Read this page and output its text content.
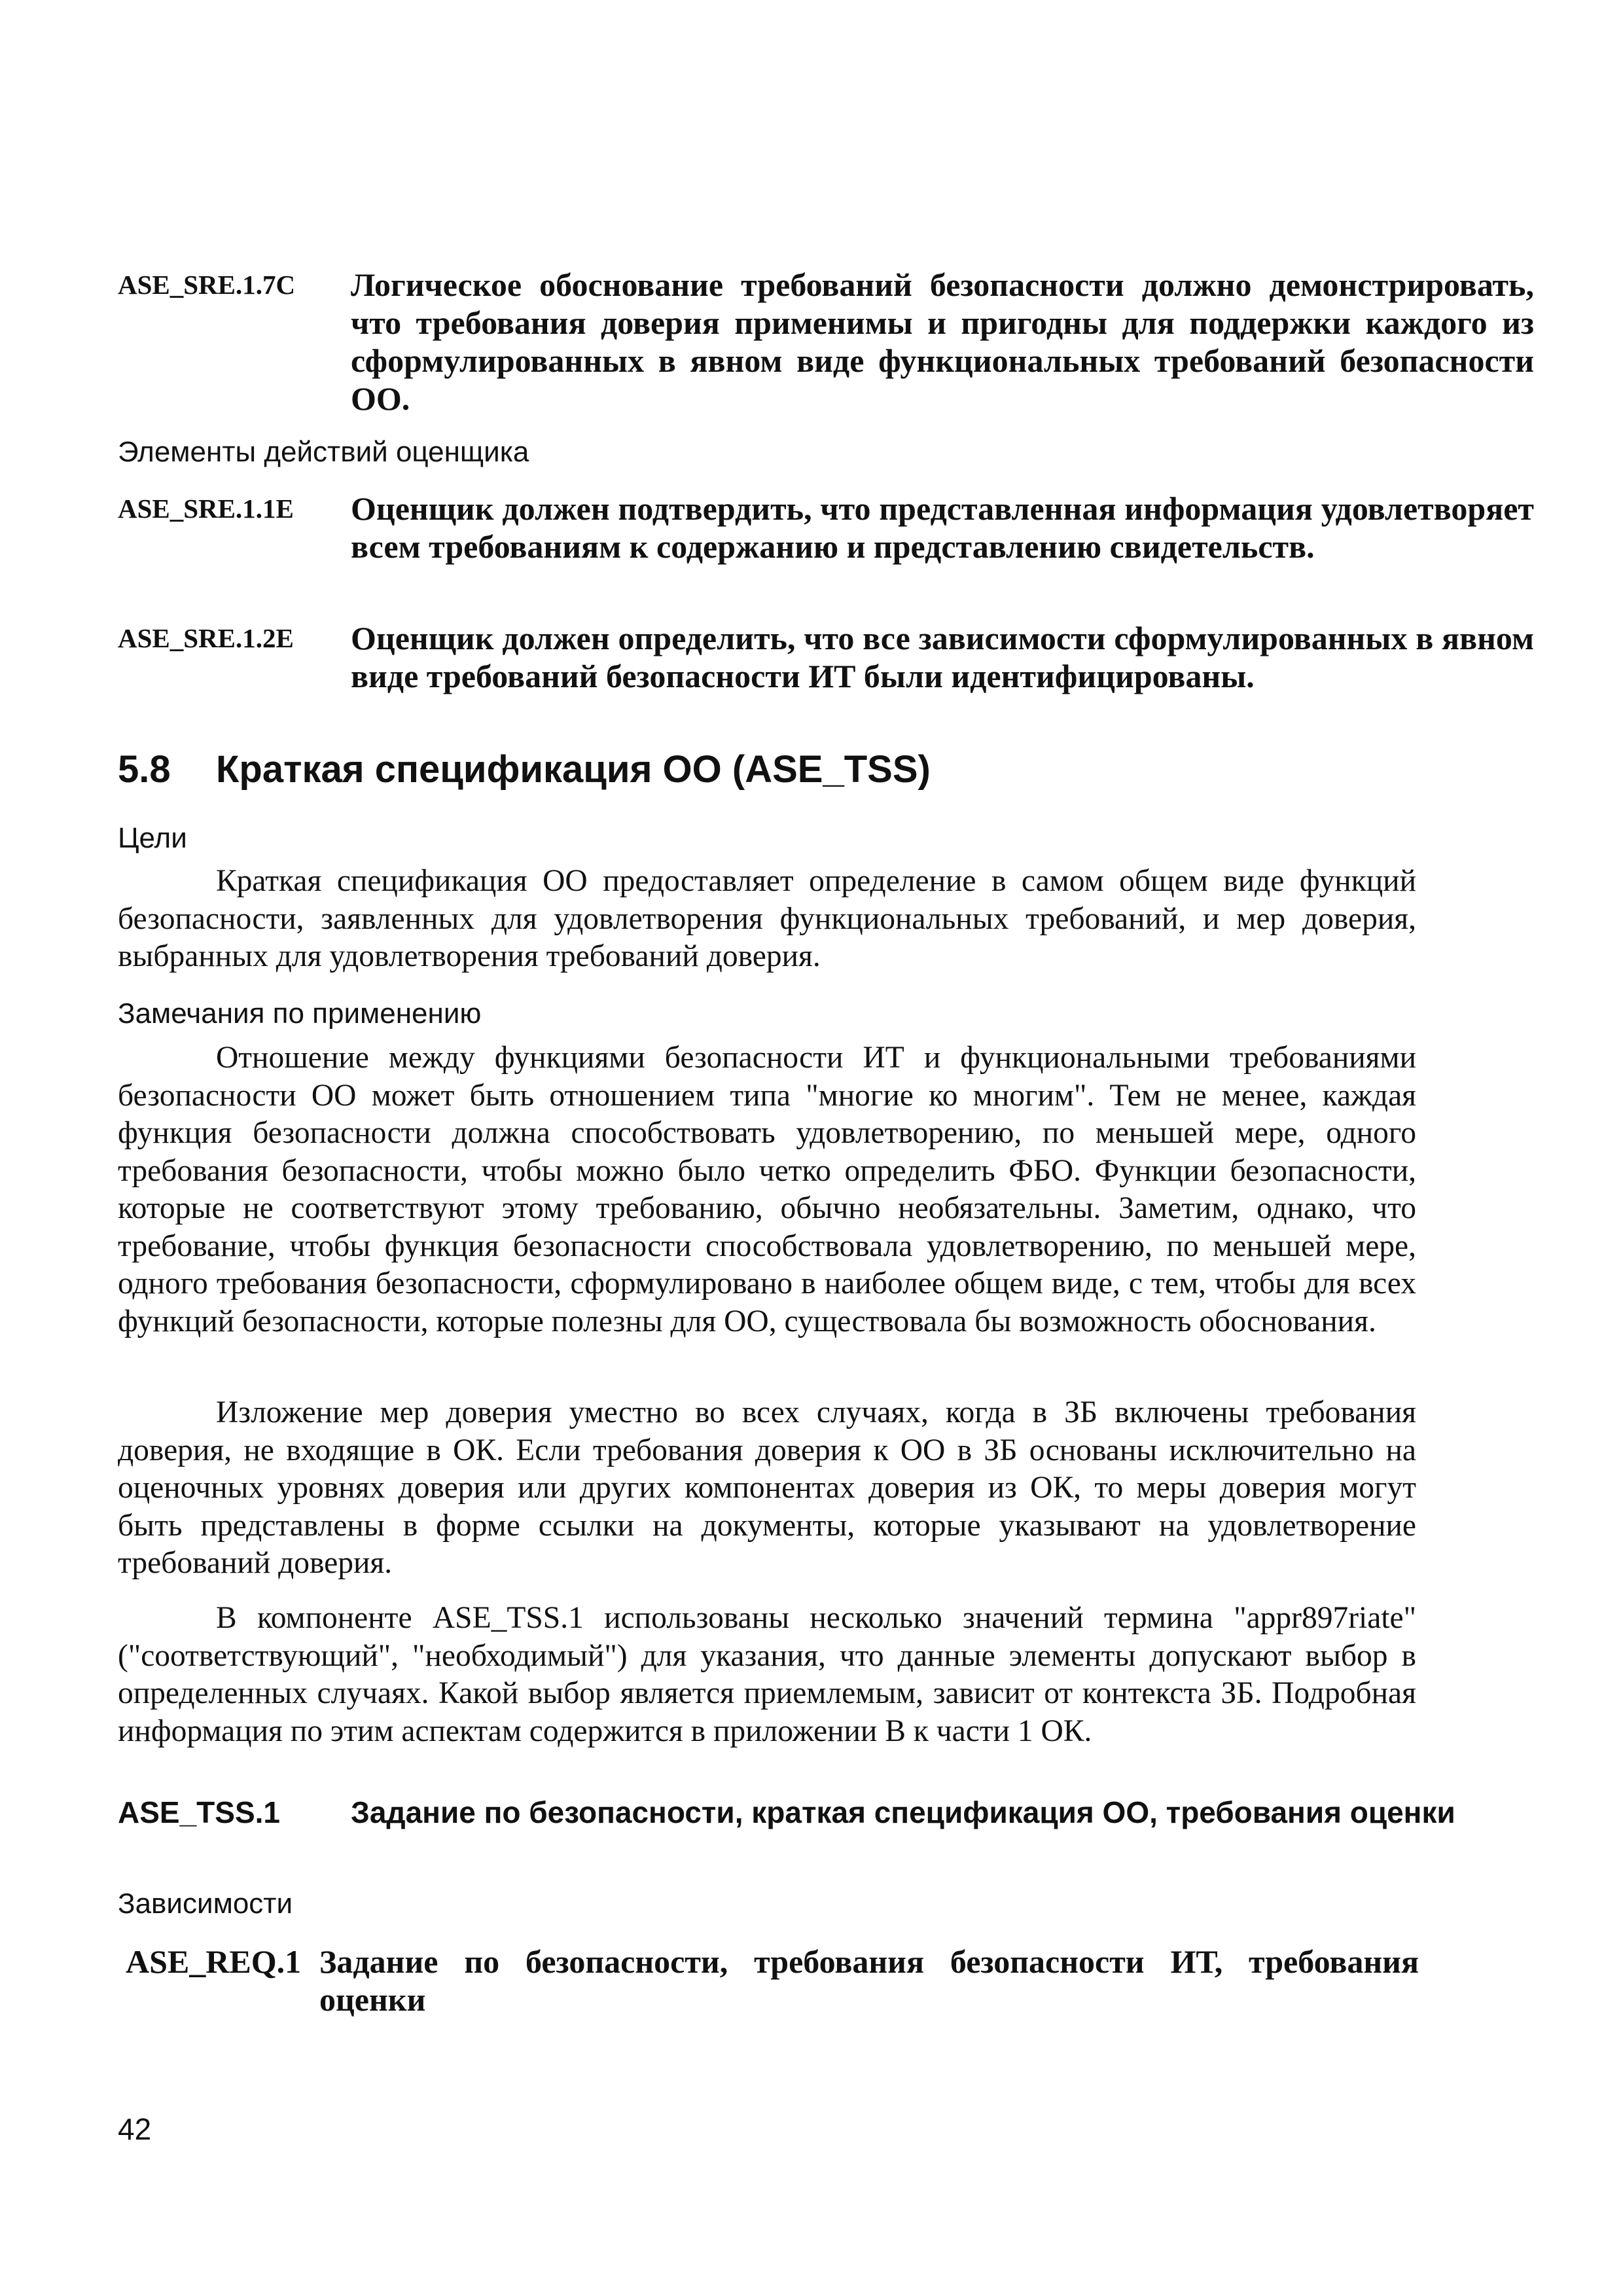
ASE_SRE.1.7C	Логическое обоснование требований безопасности должно демонстрировать, что требования доверия применимы и пригодны для поддержки каждого из сформулированных в явном виде функциональных требований безопасности ОО.
Элементы действий оценщика
ASE_SRE.1.1E	Оценщик должен подтвердить, что представленная информация удовлетворяет всем требованиям к содержанию и представлению свидетельств.
ASE_SRE.1.2E	Оценщик должен определить, что все зависимости сформулированных в явном виде требований безопасности ИТ были идентифицированы.
5.8 Краткая спецификация ОО (ASE_TSS)
Цели
Краткая спецификация ОО предоставляет определение в самом общем виде функций безопасности, заявленных для удовлетворения функциональных требований, и мер доверия, выбранных для удовлетворения требований доверия.
Замечания по применению
Отношение между функциями безопасности ИТ и функциональными требованиями безопасности ОО может быть отношением типа "многие ко многим". Тем не менее, каждая функция безопасности должна способствовать удовлетворению, по меньшей мере, одного требования безопасности, чтобы можно было четко определить ФБО. Функции безопасности, которые не соответствуют этому требованию, обычно необязательны. Заметим, однако, что требование, чтобы функция безопасности способствовала удовлетворению, по меньшей мере, одного требования безопасности, сформулировано в наиболее общем виде, с тем, чтобы для всех функций безопасности, которые полезны для ОО, существовала бы возможность обоснования.
Изложение мер доверия уместно во всех случаях, когда в ЗБ включены требования доверия, не входящие в ОК. Если требования доверия к ОО в ЗБ основаны исключительно на оценочных уровнях доверия или других компонентах доверия из ОК, то меры доверия могут быть представлены в форме ссылки на документы, которые указывают на удовлетворение требований доверия.
В компоненте ASE_TSS.1 использованы несколько значений термина "appr897riate" ("соответствующий", "необходимый") для указания, что данные элементы допускают выбор в определенных случаях. Какой выбор является приемлемым, зависит от контекста ЗБ. Подробная информация по этим аспектам содержится в приложении B к части 1 ОК.
ASE_TSS.1	Задание по безопасности, краткая спецификация ОО, требования оценки
Зависимости
ASE_REQ.1 Задание по безопасности, требования безопасности ИТ, требования оценки
42
